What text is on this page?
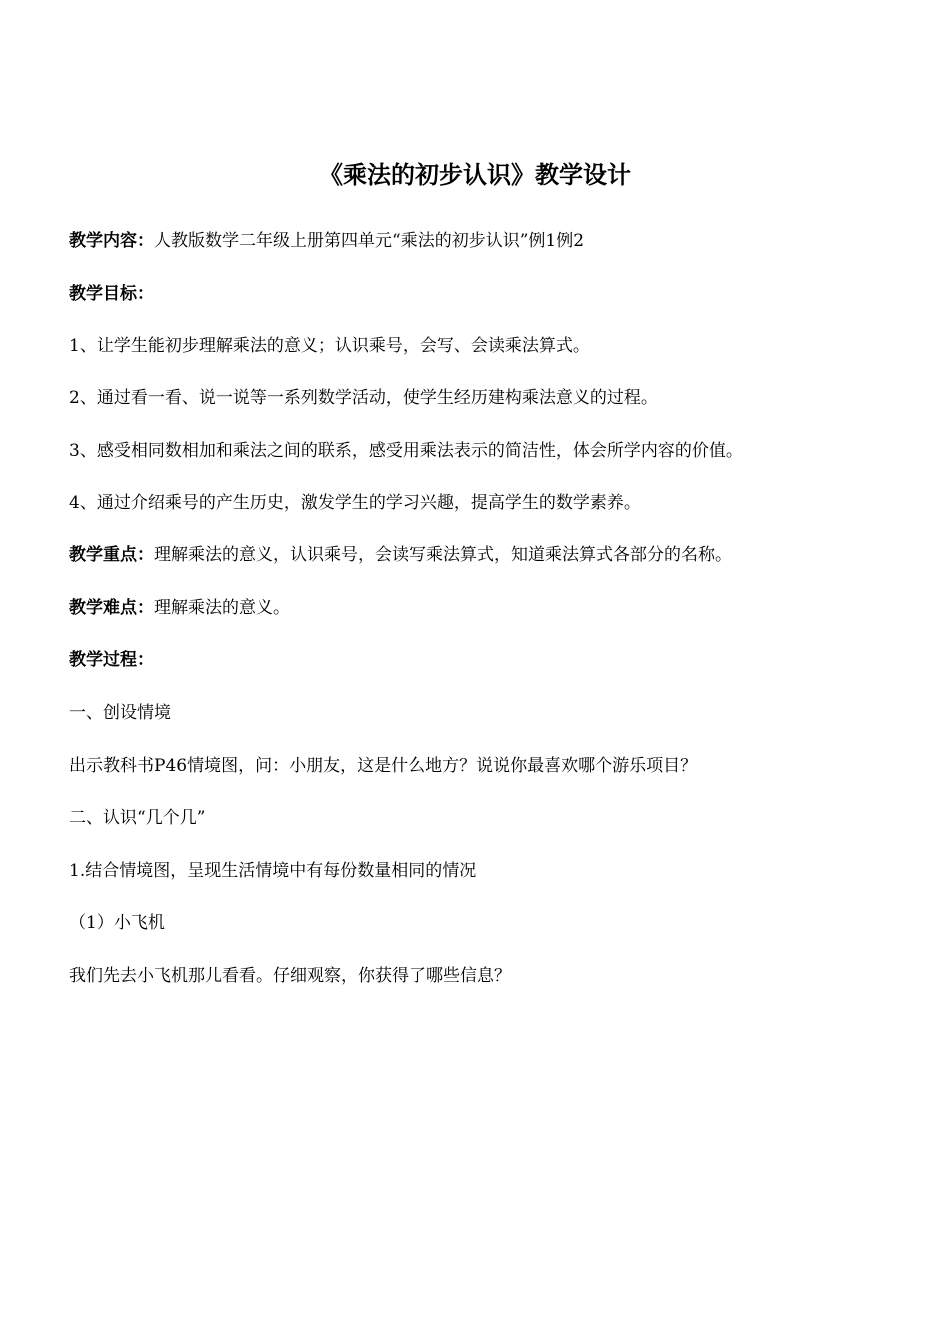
《乘法的初步认识》教学设计
教学内容：人教版数学二年级上册第四单元“乘法的初步认识”例1例2
教学目标：
1、让学生能初步理解乘法的意义；认识乘号，会写、会读乘法算式。
2、通过看一看、说一说等一系列数学活动，使学生经历建构乘法意义的过程。
3、感受相同数相加和乘法之间的联系，感受用乘法表示的简洁性，体会所学内容的价值。
4、通过介绍乘号的产生历史，激发学生的学习兴趣，提高学生的数学素养。
教学重点：理解乘法的意义，认识乘号，会读写乘法算式，知道乘法算式各部分的名称。
教学难点：理解乘法的意义。
教学过程：
一、创设情境
出示教科书P46情境图，问：小朋友，这是什么地方？说说你最喜欢哪个游乐项目？
二、认识“几个几”
1.结合情境图，呈现生活情境中有每份数量相同的情况
（1）小飞机
我们先去小飞机那儿看看。仔细观察，你获得了哪些信息？
